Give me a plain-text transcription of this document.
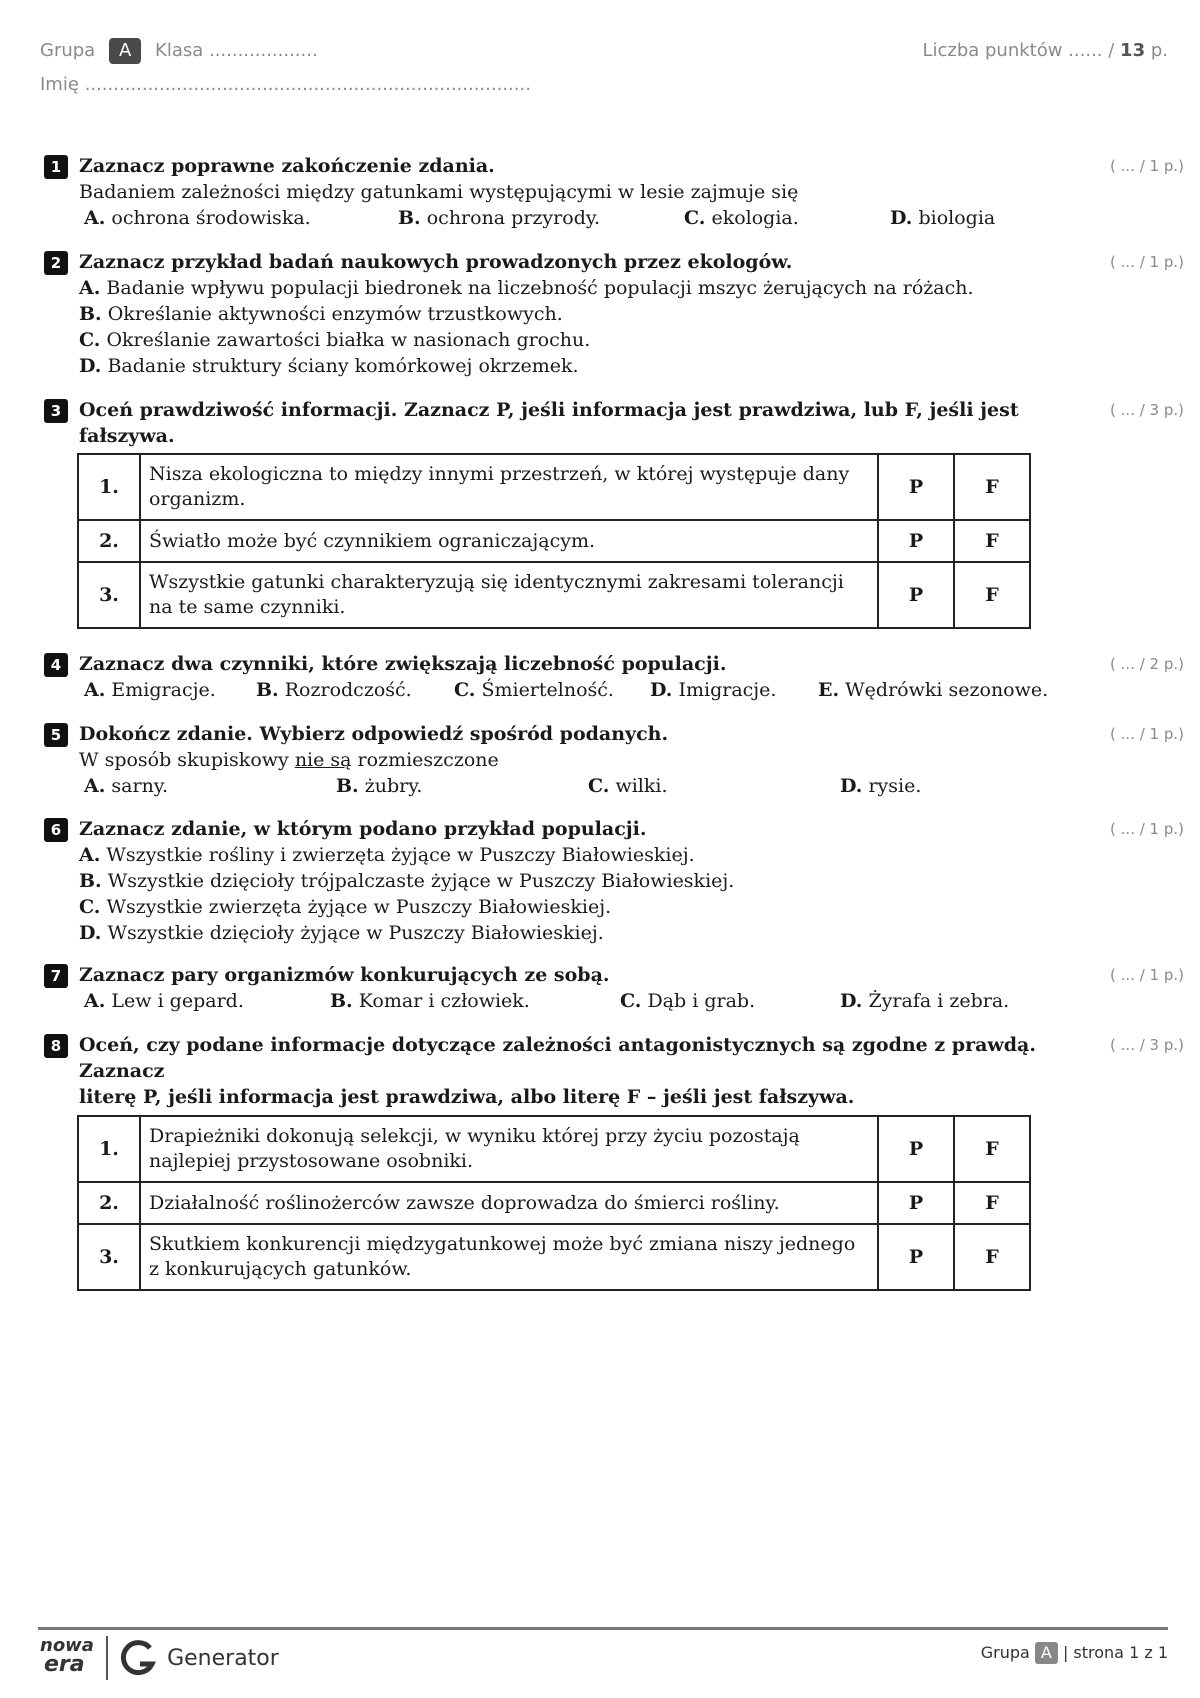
Grupa A Klasa ...................
Imię ..............................................................................
Liczba punktów ...... / 13 p.
1 Zaznacz poprawne zakończenie zdania.	( ... / 1 p.)
Badaniem zależności między gatunkami występującymi w lesie zajmuje się
A. ochrona środowiska.	B. ochrona przyrody.	C. ekologia.	D. biologia
2 Zaznacz przykład badań naukowych prowadzonych przez ekologów.	( ... / 1 p.)
A. Badanie wpływu populacji biedronek na liczebność populacji mszyc żerujących na różach.
B. Określanie aktywności enzymów trzustkowych.
C. Określanie zawartości białka w nasionach grochu.
D. Badanie struktury ściany komórkowej okrzemek.
3 Oceń prawdziwość informacji. Zaznacz P, jeśli informacja jest prawdziwa, lub F, jeśli jest fałszywa.
( ... / 3 p.)
1.	Nisza ekologiczna to między innymi przestrzeń, w której występuje dany organizm.	P	F
2.	Światło może być czynnikiem ograniczającym.	P	F
3.	Wszystkie gatunki charakteryzują się identycznymi zakresami tolerancji na te same czynniki.	P	F
4 Zaznacz dwa czynniki, które zwiększają liczebność populacji.	( ... / 2 p.)
A. Emigracje. B. Rozrodczość. C. Śmiertelność. D. Imigracje. E. Wędrówki sezonowe.
5 Dokończ zdanie. Wybierz odpowiedź spośród podanych.	( ... / 1 p.)
W sposób skupiskowy nie są rozmieszczone
A. sarny.	B. żubry.	C. wilki.	D. rysie.
6 Zaznacz zdanie, w którym podano przykład populacji.	( ... / 1 p.)
A. Wszystkie rośliny i zwierzęta żyjące w Puszczy Białowieskiej.
B. Wszystkie dzięcioły trójpalczaste żyjące w Puszczy Białowieskiej.
C. Wszystkie zwierzęta żyjące w Puszczy Białowieskiej.
D. Wszystkie dzięcioły żyjące w Puszczy Białowieskiej.
7 Zaznacz pary organizmów konkurujących ze sobą.	( ... / 1 p.)
A. Lew i gepard.	B. Komar i człowiek.	C. Dąb i grab.	D. Żyrafa i zebra.
8 Oceń, czy podane informacje dotyczące zależności antagonistycznych są zgodne z prawdą. Zaznacz
literę P, jeśli informacja jest prawdziwa, albo literę F – jeśli jest fałszywa.
( ... / 3 p.)
1.	Drapieżniki dokonują selekcji, w wyniku której przy życiu pozostają najlepiej przystosowane osobniki.	P	F
2.	Działalność roślinożerców zawsze doprowadza do śmierci rośliny.	P	F
3.	Skutkiem konkurencji międzygatunkowej może być zmiana niszy jednego z konkurujących gatunków.	P	F
nowa
era	Generator	Grupa A | strona 1 z 1
